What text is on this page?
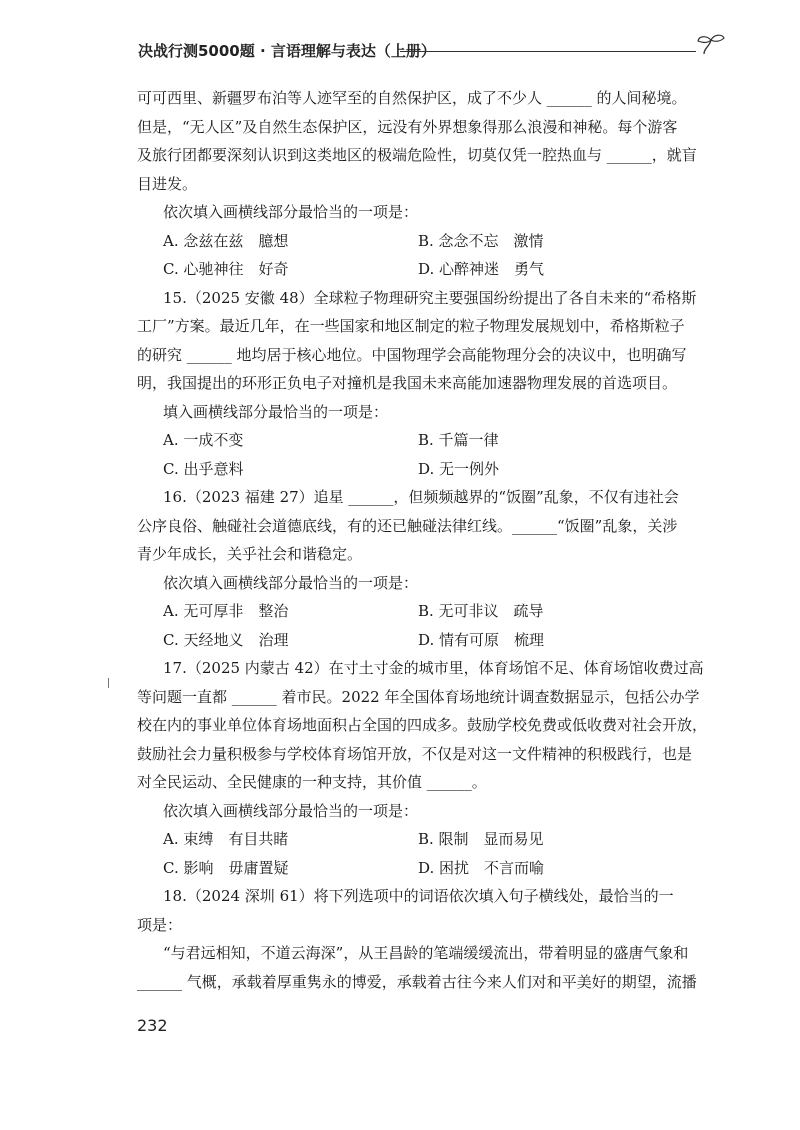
决战行测5000题 · 言语理解与表达（上册）

可可西里、新疆罗布泊等人迹罕至的自然保护区，成了不少人 ______ 的人间秘境。

但是，“无人区”及自然生态保护区，远没有外界想象得那么浪漫和神秘。每个游客

及旅行团都要深刻认识到这类地区的极端危险性，切莫仅凭一腔热血与 ______，就盲

目进发。

依次填入画横线部分最恰当的一项是：

A. 念兹在兹　臆想	B. 念念不忘　激情
C. 心驰神往　好奇	D. 心醉神迷　勇气

15.（2025 安徽 48）全球粒子物理研究主要强国纷纷提出了各自未来的“希格斯

工厂”方案。最近几年，在一些国家和地区制定的粒子物理发展规划中，希格斯粒子

的研究 ______ 地均居于核心地位。中国物理学会高能物理分会的决议中，也明确写

明，我国提出的环形正负电子对撞机是我国未来高能加速器物理发展的首选项目。

填入画横线部分最恰当的一项是：

A. 一成不变	B. 千篇一律
C. 出乎意料	D. 无一例外

16.（2023 福建 27）追星 ______，但频频越界的“饭圈”乱象，不仅有违社会

公序良俗、触碰社会道德底线，有的还已触碰法律红线。______“饭圈”乱象，关涉

青少年成长，关乎社会和谐稳定。

依次填入画横线部分最恰当的一项是：

A. 无可厚非　整治	B. 无可非议　疏导
C. 天经地义　治理	D. 情有可原　梳理

17.（2025 内蒙古 42）在寸土寸金的城市里，体育场馆不足、体育场馆收费过高

等问题一直都 ______ 着市民。2022 年全国体育场地统计调查数据显示，包括公办学

校在内的事业单位体育场地面积占全国的四成多。鼓励学校免费或低收费对社会开放，

鼓励社会力量积极参与学校体育场馆开放，不仅是对这一文件精神的积极践行，也是

对全民运动、全民健康的一种支持，其价值 ______。

依次填入画横线部分最恰当的一项是：

A. 束缚　有目共睹	B. 限制　显而易见
C. 影响　毋庸置疑	D. 困扰　不言而喻

18.（2024 深圳 61）将下列选项中的词语依次填入句子横线处，最恰当的一

项是：

“与君远相知，不道云海深”，从王昌龄的笔端缓缓流出，带着明显的盛唐气象和

______ 气概，承载着厚重隽永的博爱，承载着古往今来人们对和平美好的期望，流播

232
